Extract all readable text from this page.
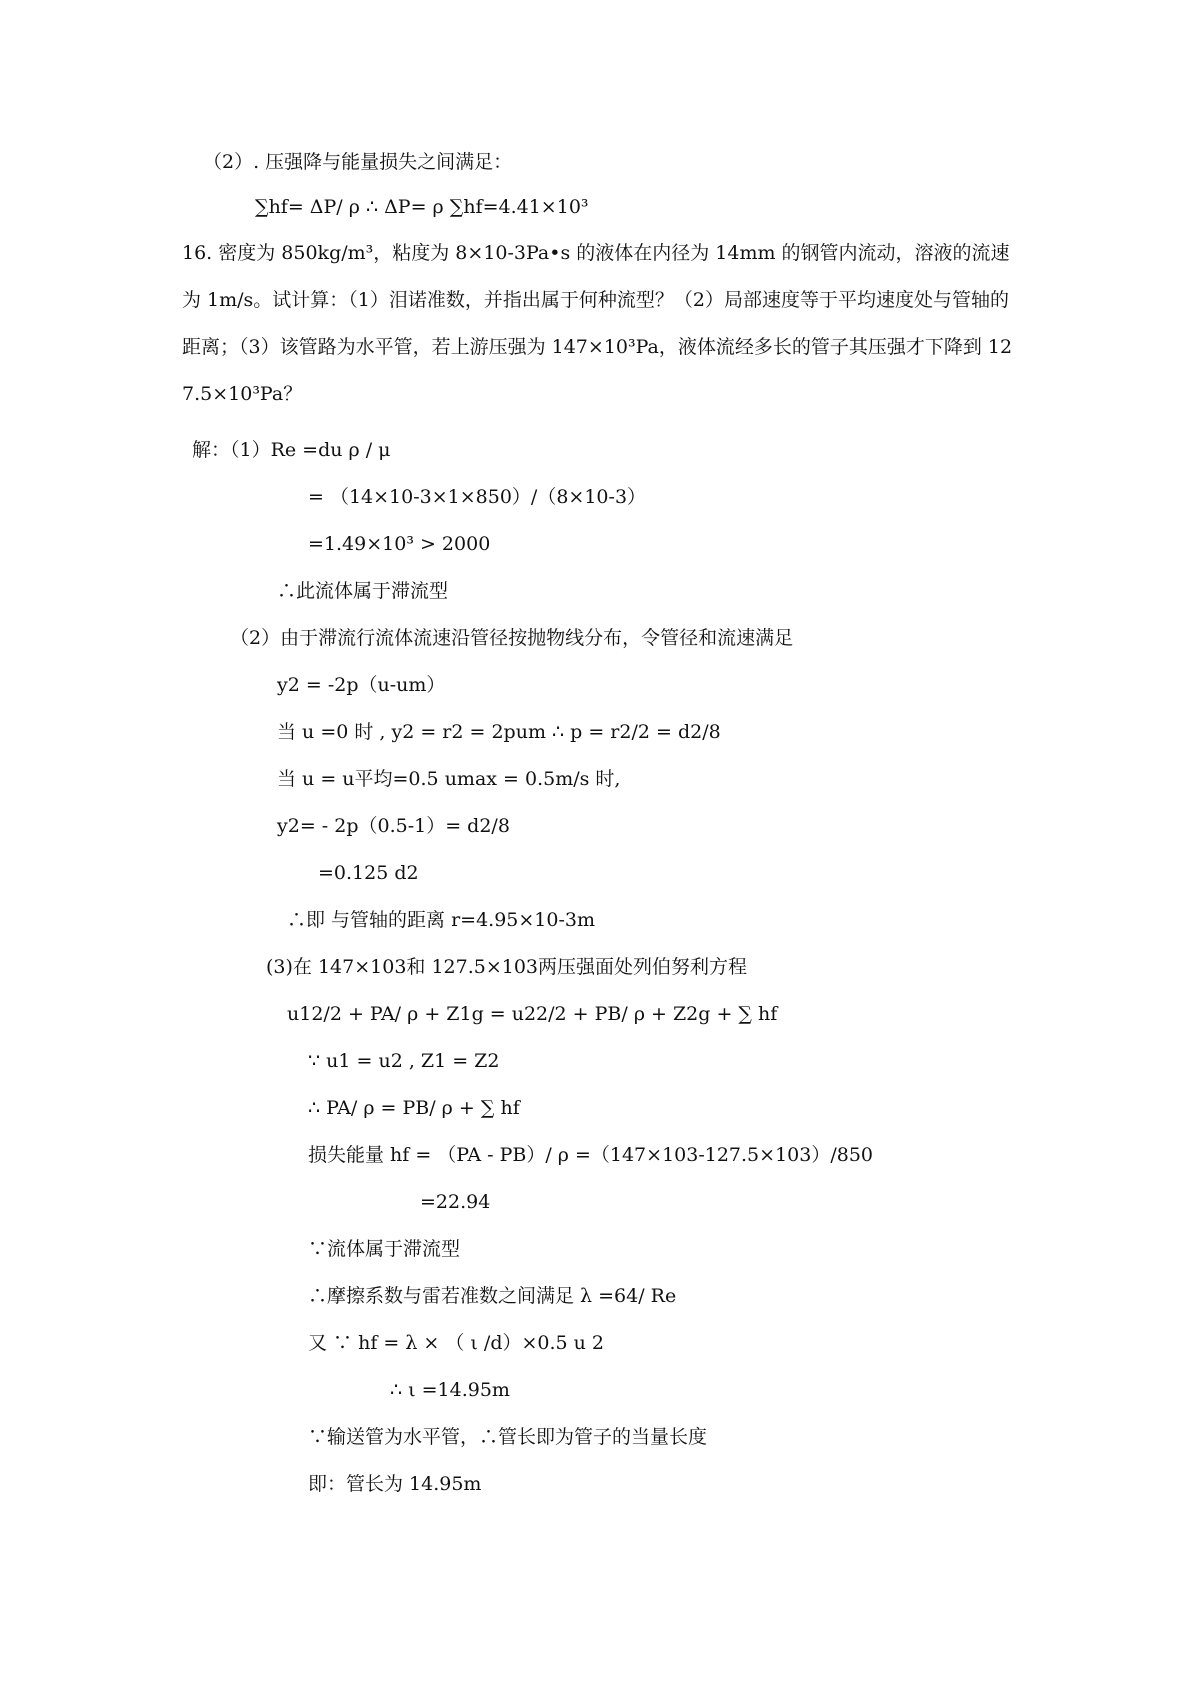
（2）. 压强降与能量损失之间满足：
∑hf= ΔP/ ρ ∴ ΔP= ρ ∑hf=4.41×10³
16. 密度为 850kg/m³，粘度为 8×10-3Pa•s 的液体在内径为 14mm 的钢管内流动，溶液的流速为 1m/s。试计算：（1）泪诺准数，并指出属于何种流型？（2）局部速度等于平均速度处与管轴的距离；（3）该管路为水平管，若上游压强为 147×10³Pa，液体流经多长的管子其压强才下降到 127.5×10³Pa？
解：（1）Re =du ρ / μ
= （14×10-3×1×850）/（8×10-3）
=1.49×10³ > 2000
∴此流体属于滞流型
（2）由于滞流行流体流速沿管径按抛物线分布，令管径和流速满足
y2 = -2p（u-um）
当 u =0 时 , y2 = r2 = 2pum ∴ p = r2/2 = d2/8
当 u = u平均=0.5 umax = 0.5m/s 时,
y2= - 2p（0.5-1）= d2/8
=0.125 d2
∴即 与管轴的距离 r=4.95×10-3m
(3)在 147×103和 127.5×103两压强面处列伯努利方程
u12/2 + PA/ ρ + Z1g = u22/2 + PB/ ρ + Z2g + ∑ hf
∵ u1 = u2 , Z1 = Z2
∴ PA/ ρ = PB/ ρ + ∑ hf
损失能量 hf = （PA - PB）/ ρ =（147×103-127.5×103）/850
=22.94
∵流体属于滞流型
∴摩擦系数与雷若准数之间满足 λ =64/ Re
又 ∵ hf = λ × （ ι /d）×0.5 u 2
∴ ι =14.95m
∵输送管为水平管，∴管长即为管子的当量长度
即：管长为 14.95m
